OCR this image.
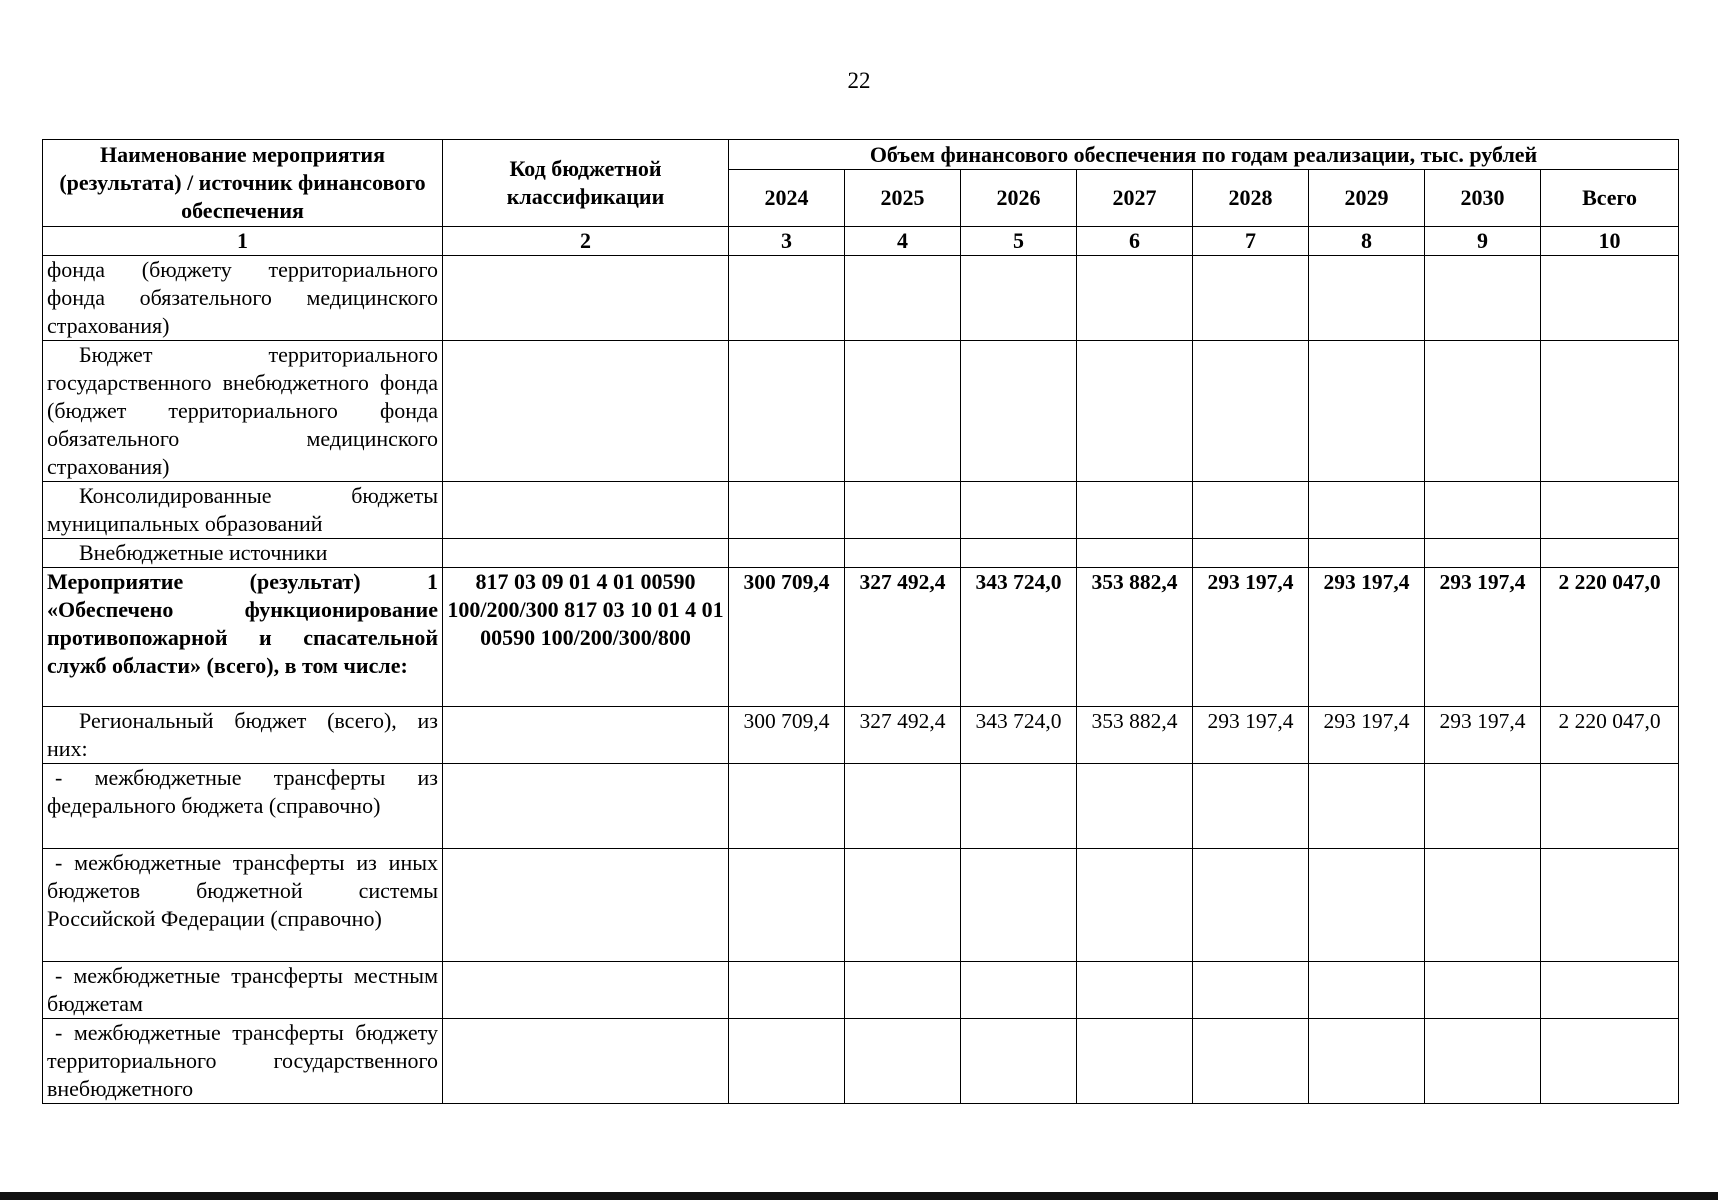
22
Наименование мероприятия (результата) / источник финансового обеспечения	Код бюджетной классификации	Объем финансового обеспечения по годам реализации, тыс. рублей							
		2024	2025	2026	2027	2028	2029	2030	Всего
1	2	3	4	5	6	7	8	9	10
фонда (бюджету территориального фонда обязательного медицинского страхования)									
Бюджет территориального государственного внебюджетного фонда (бюджет территориального фонда обязательного медицинского страхования)									
Консолидированные бюджеты муниципальных образований									
Внебюджетные источники									
Мероприятие (результат) 1 «Обеспечено функционирование противопожарной и спасательной служб области» (всего), в том числе:	817 03 09 01 4 01 00590 100/200/300 817 03 10 01 4 01 00590 100/200/300/800	300 709,4	327 492,4	343 724,0	353 882,4	293 197,4	293 197,4	293 197,4	2 220 047,0
Региональный бюджет (всего), из них:		300 709,4	327 492,4	343 724,0	353 882,4	293 197,4	293 197,4	293 197,4	2 220 047,0
- межбюджетные трансферты из федерального бюджета (справочно)									
- межбюджетные трансферты из иных бюджетов бюджетной системы Российской Федерации (справочно)									
- межбюджетные трансферты местным бюджетам									
- межбюджетные трансферты бюджету территориального государственного внебюджетного									
